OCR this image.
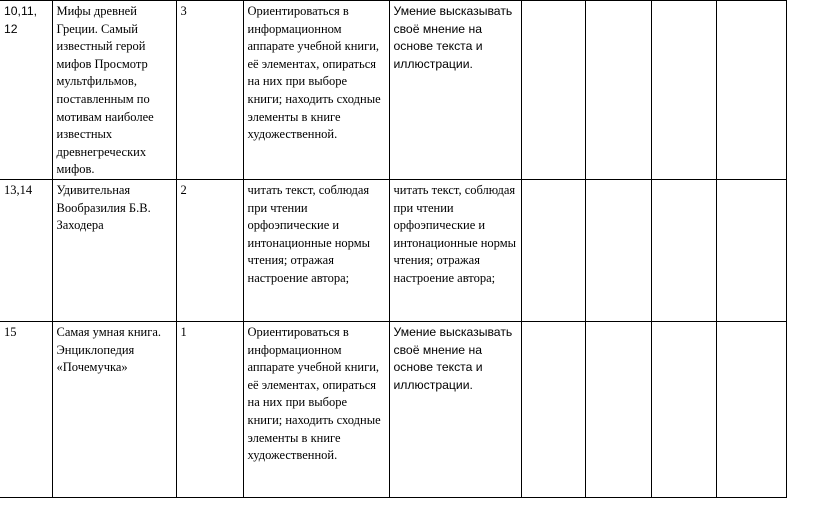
10,11, 12	Мифы древней Греции. Самый известный герой мифов Просмотр мультфильмов, поставленным по мотивам наиболее известных древнегреческих мифов.	3	Ориентироваться в информационном аппарате учебной книги, её элементах, опираться на них при выборе книги; находить сходные элементы в книге художественной.	Умение высказывать своё мнение на основе текста и иллюстрации.				
13,14	Удивительная Вообразилия Б.В. Заходера	2	читать текст, соблюдая при чтении орфоэпические и интонационные нормы чтения; отражая настроение автора;	читать текст, соблюдая при чтении орфоэпические и интонационные нормы чтения; отражая настроение автора;				
15	Самая умная книга. Энциклопедия «Почемучка»	1	Ориентироваться в информационном аппарате учебной книги, её элементах, опираться на них при выборе книги; находить сходные элементы в книге художественной.	Умение высказывать своё мнение на основе текста и иллюстрации.				
